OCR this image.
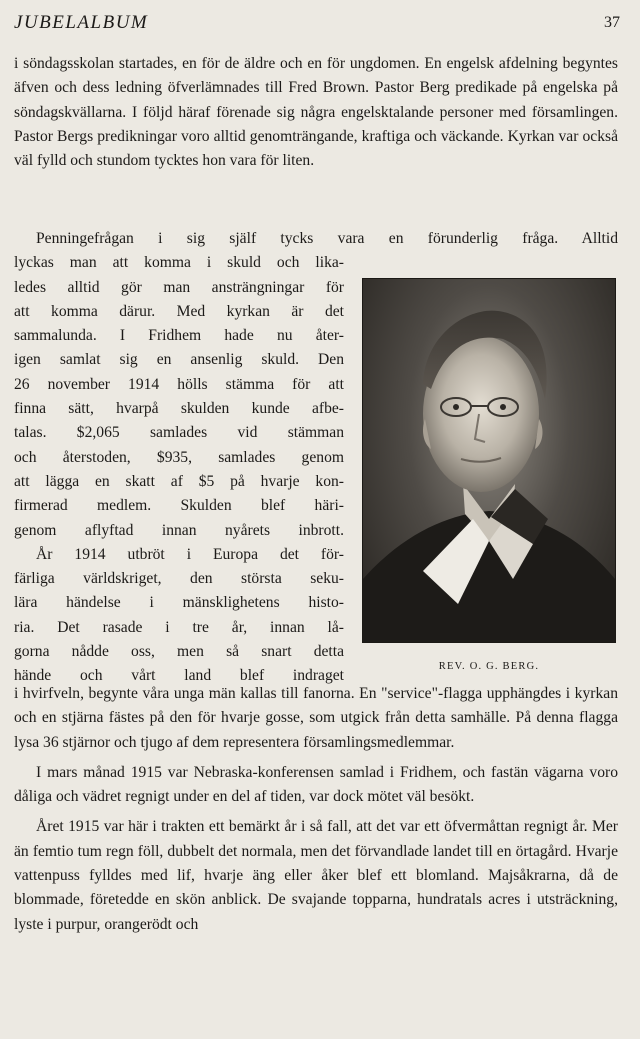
JUBELALBUM	37

i söndagsskolan startades, en för de äldre och en för ungdomen. En engelsk afdelning begyntes äfven och dess ledning öfverlämnades till Fred Brown. Pastor Berg predikade på engelska på söndagskvällarna. I följd häraf förenade sig några engelsktalande personer med församlingen. Pastor Bergs predikningar voro alltid genomträngande, kraftiga och väckande. Kyrkan var också väl fylld och stundom tycktes hon vara för liten.

Penningefrågan i sig själf tycks vara en förunderlig fråga. Alltid
lyckas man att komma i skuld och lika-
ledes alltid gör man ansträngningar för
att komma därur. Med kyrkan är det
sammalunda. I Fridhem hade nu åter-
igen samlat sig en ansenlig skuld. Den
26 november 1914 hölls stämma för att
finna sätt, hvarpå skulden kunde afbe-
talas. $2,065 samlades vid stämman
och återstoden, $935, samlades genom
att lägga en skatt af $5 på hvarje kon-
firmerad medlem. Skulden blef häri-
genom aflyftad innan nyårets inbrott.
År 1914 utbröt i Europa det för-
färliga världskriget, den största seku-
lära händelse i mänsklighetens histo-
ria. Det rasade i tre år, innan lå-
gorna nådde oss, men så snart detta
hände och vårt land blef indraget
REV. O. G. BERG.

i hvirfveln, begynte våra unga män kallas till fanorna. En "service"-flagga upphängdes i kyrkan och en stjärna fästes på den för hvarje gosse, som utgick från detta samhälle. På denna flagga lysa 36 stjärnor och tjugo af dem representera församlingsmedlemmar.

I mars månad 1915 var Nebraska-konferensen samlad i Fridhem, och fastän vägarna voro dåliga och vädret regnigt under en del af tiden, var dock mötet väl besökt.

Året 1915 var här i trakten ett bemärkt år i så fall, att det var ett öfvermåttan regnigt år. Mer än femtio tum regn föll, dubbelt det normala, men det förvandlade landet till en örtagård. Hvarje vattenpuss fylldes med lif, hvarje äng eller åker blef ett blomland. Majsåkrarna, då de blommade, företedde en skön anblick. De svajande topparna, hundratals acres i utsträckning, lyste i purpur, orangerödt och
